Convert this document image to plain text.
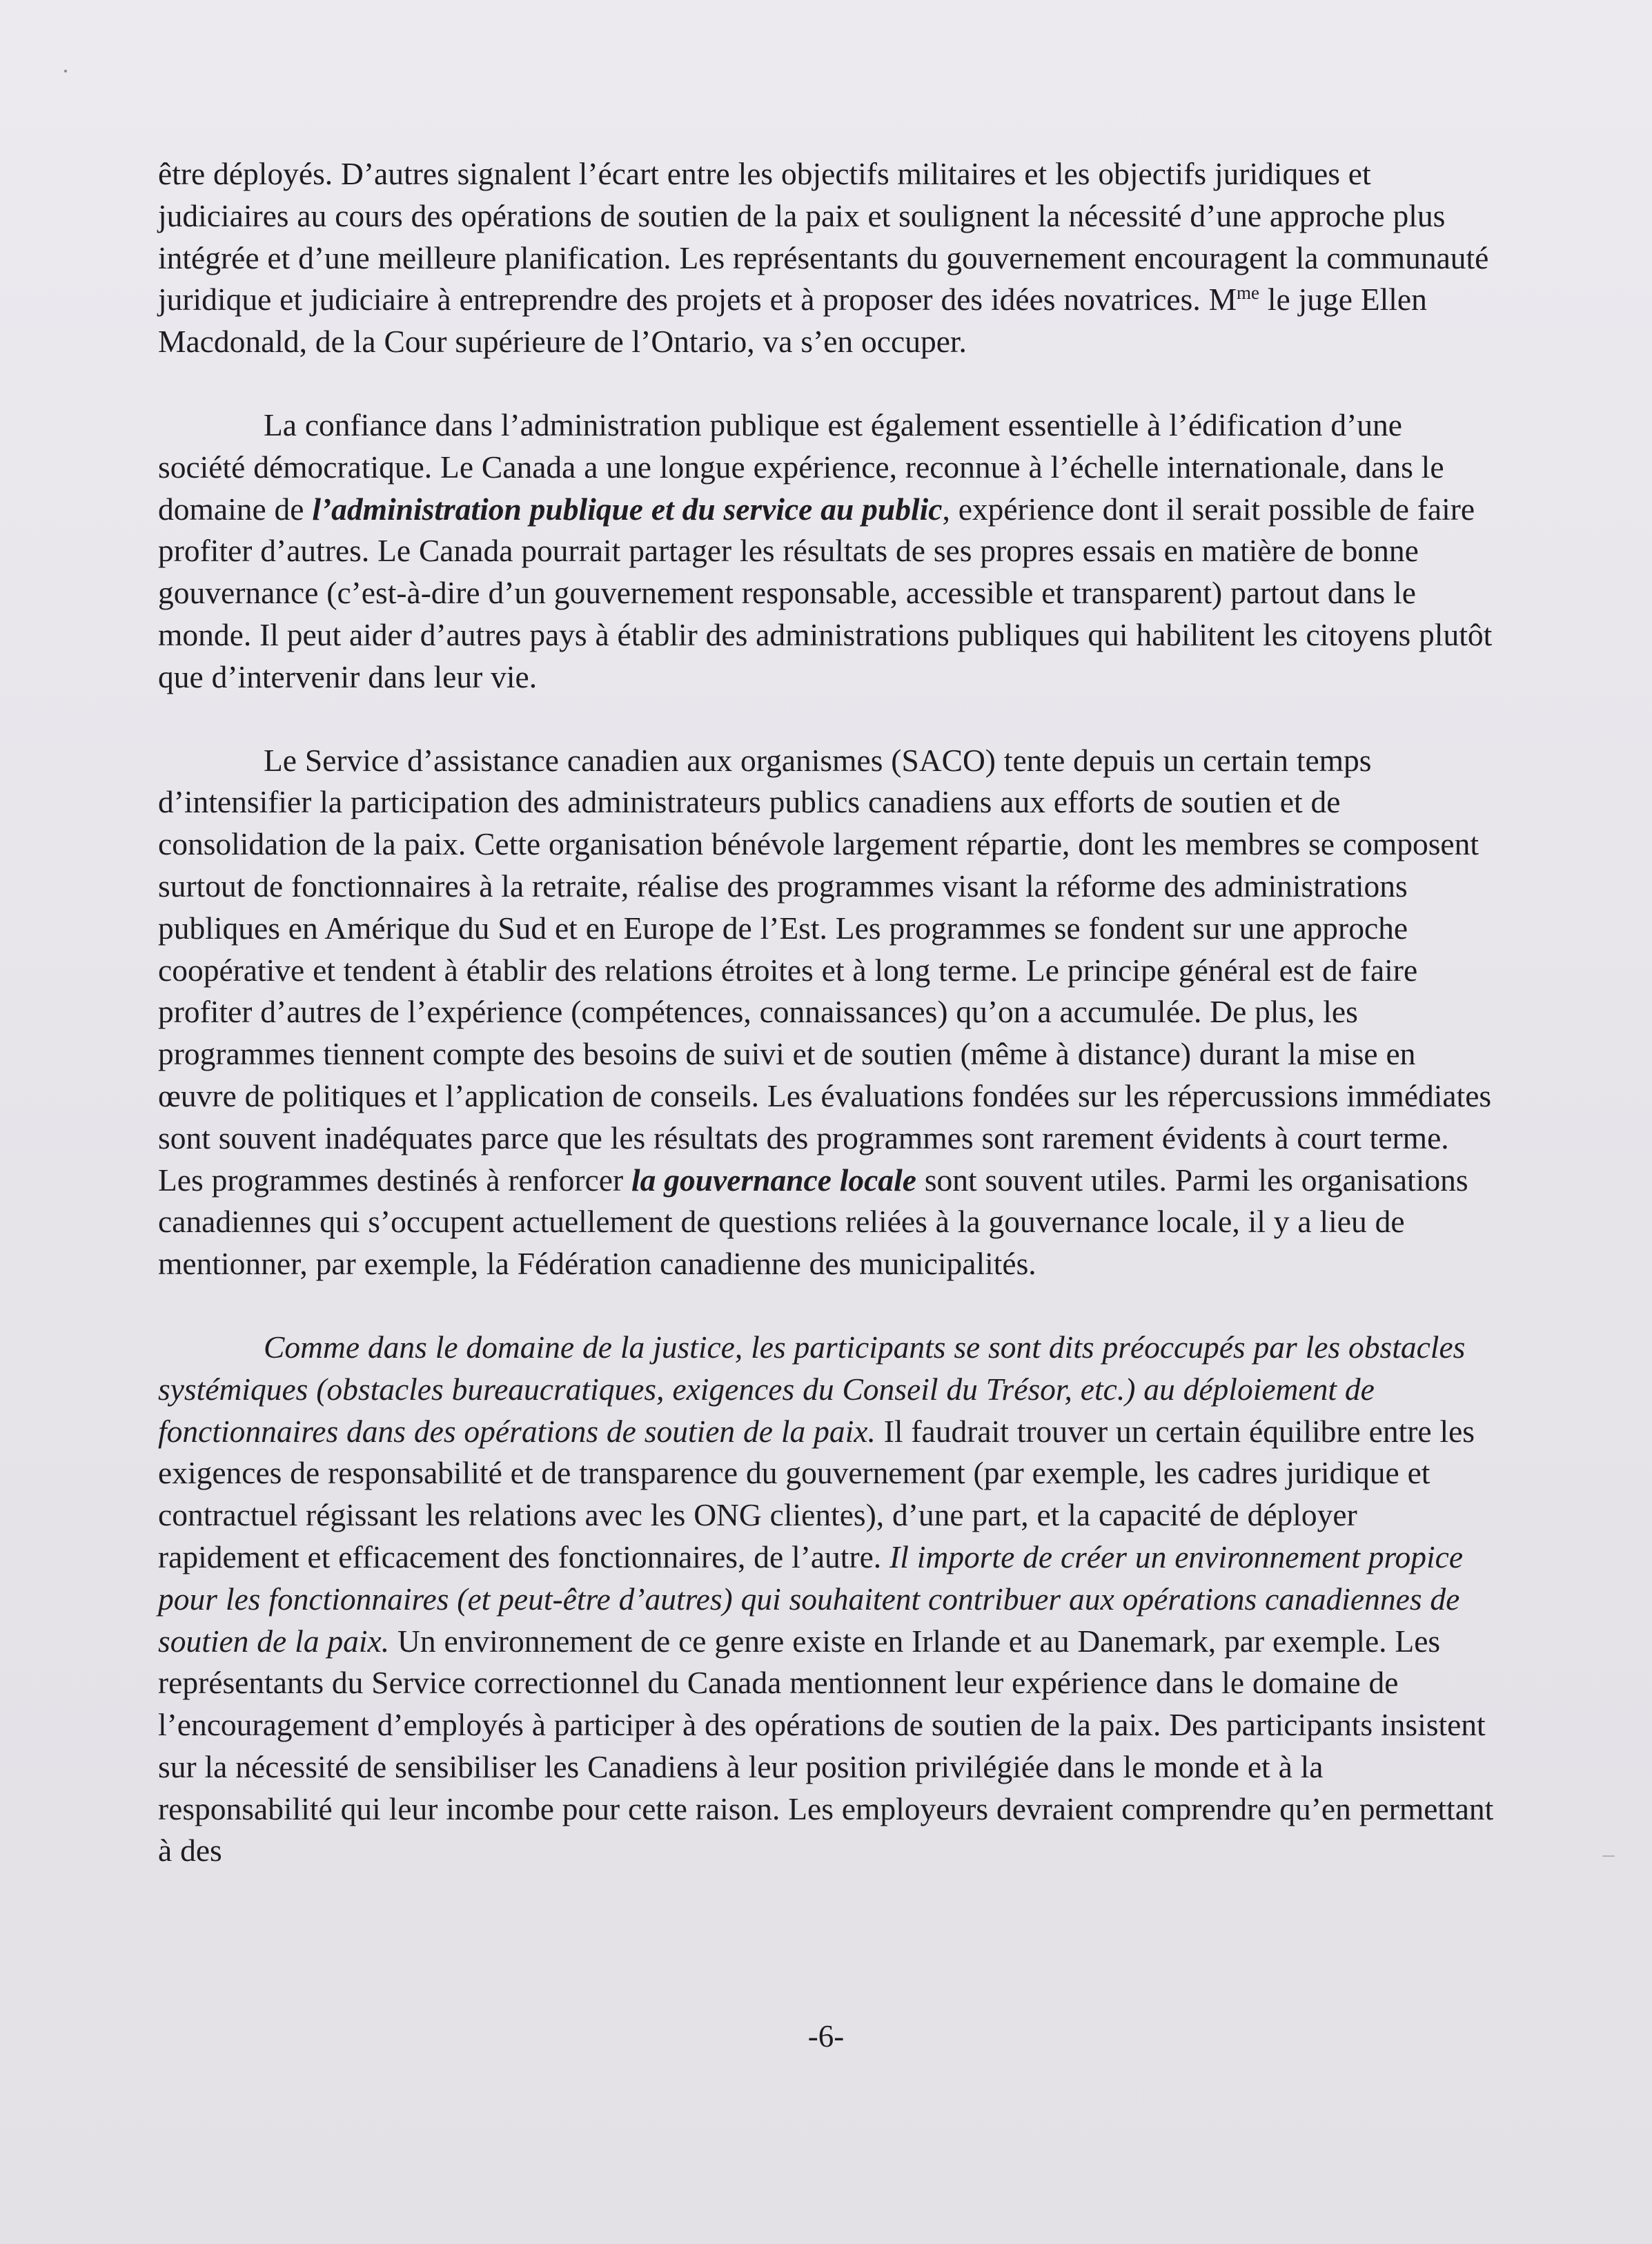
être déployés. D’autres signalent l’écart entre les objectifs militaires et les objectifs juridiques et judiciaires au cours des opérations de soutien de la paix et soulignent la nécessité d’une approche plus intégrée et d’une meilleure planification. Les représentants du gouvernement encouragent la communauté juridique et judiciaire à entreprendre des projets et à proposer des idées novatrices. $M^{me}$ le juge Ellen Macdonald, de la Cour supérieure de l’Ontario, va s’en occuper.

La confiance dans l’administration publique est également essentielle à l’édification d’une société démocratique. Le Canada a une longue expérience, reconnue à l’échelle internationale, dans le domaine de l’administration publique et du service au public, expérience dont il serait possible de faire profiter d’autres. Le Canada pourrait partager les résultats de ses propres essais en matière de bonne gouvernance (c’est-à-dire d’un gouvernement responsable, accessible et transparent) partout dans le monde. Il peut aider d’autres pays à établir des administrations publiques qui habilitent les citoyens plutôt que d’intervenir dans leur vie.

Le Service d’assistance canadien aux organismes (SACO) tente depuis un certain temps d’intensifier la participation des administrateurs publics canadiens aux efforts de soutien et de consolidation de la paix. Cette organisation bénévole largement répartie, dont les membres se composent surtout de fonctionnaires à la retraite, réalise des programmes visant la réforme des administrations publiques en Amérique du Sud et en Europe de l’Est. Les programmes se fondent sur une approche coopérative et tendent à établir des relations étroites et à long terme. Le principe général est de faire profiter d’autres de l’expérience (compétences, connaissances) qu’on a accumulée. De plus, les programmes tiennent compte des besoins de suivi et de soutien (même à distance) durant la mise en œuvre de politiques et l’application de conseils. Les évaluations fondées sur les répercussions immédiates sont souvent inadéquates parce que les résultats des programmes sont rarement évidents à court terme. Les programmes destinés à renforcer la gouvernance locale sont souvent utiles. Parmi les organisations canadiennes qui s’occupent actuellement de questions reliées à la gouvernance locale, il y a lieu de mentionner, par exemple, la Fédération canadienne des municipalités.

Comme dans le domaine de la justice, les participants se sont dits préoccupés par les obstacles systémiques (obstacles bureaucratiques, exigences du Conseil du Trésor, etc.) au déploiement de fonctionnaires dans des opérations de soutien de la paix. Il faudrait trouver un certain équilibre entre les exigences de responsabilité et de transparence du gouvernement (par exemple, les cadres juridique et contractuel régissant les relations avec les ONG clientes), d’une part, et la capacité de déployer rapidement et efficacement des fonctionnaires, de l’autre. Il importe de créer un environnement propice pour les fonctionnaires (et peut-être d’autres) qui souhaitent contribuer aux opérations canadiennes de soutien de la paix. Un environnement de ce genre existe en Irlande et au Danemark, par exemple. Les représentants du Service correctionnel du Canada mentionnent leur expérience dans le domaine de l’encouragement d’employés à participer à des opérations de soutien de la paix. Des participants insistent sur la nécessité de sensibiliser les Canadiens à leur position privilégiée dans le monde et à la responsabilité qui leur incombe pour cette raison. Les employeurs devraient comprendre qu’en permettant à des

-6-
